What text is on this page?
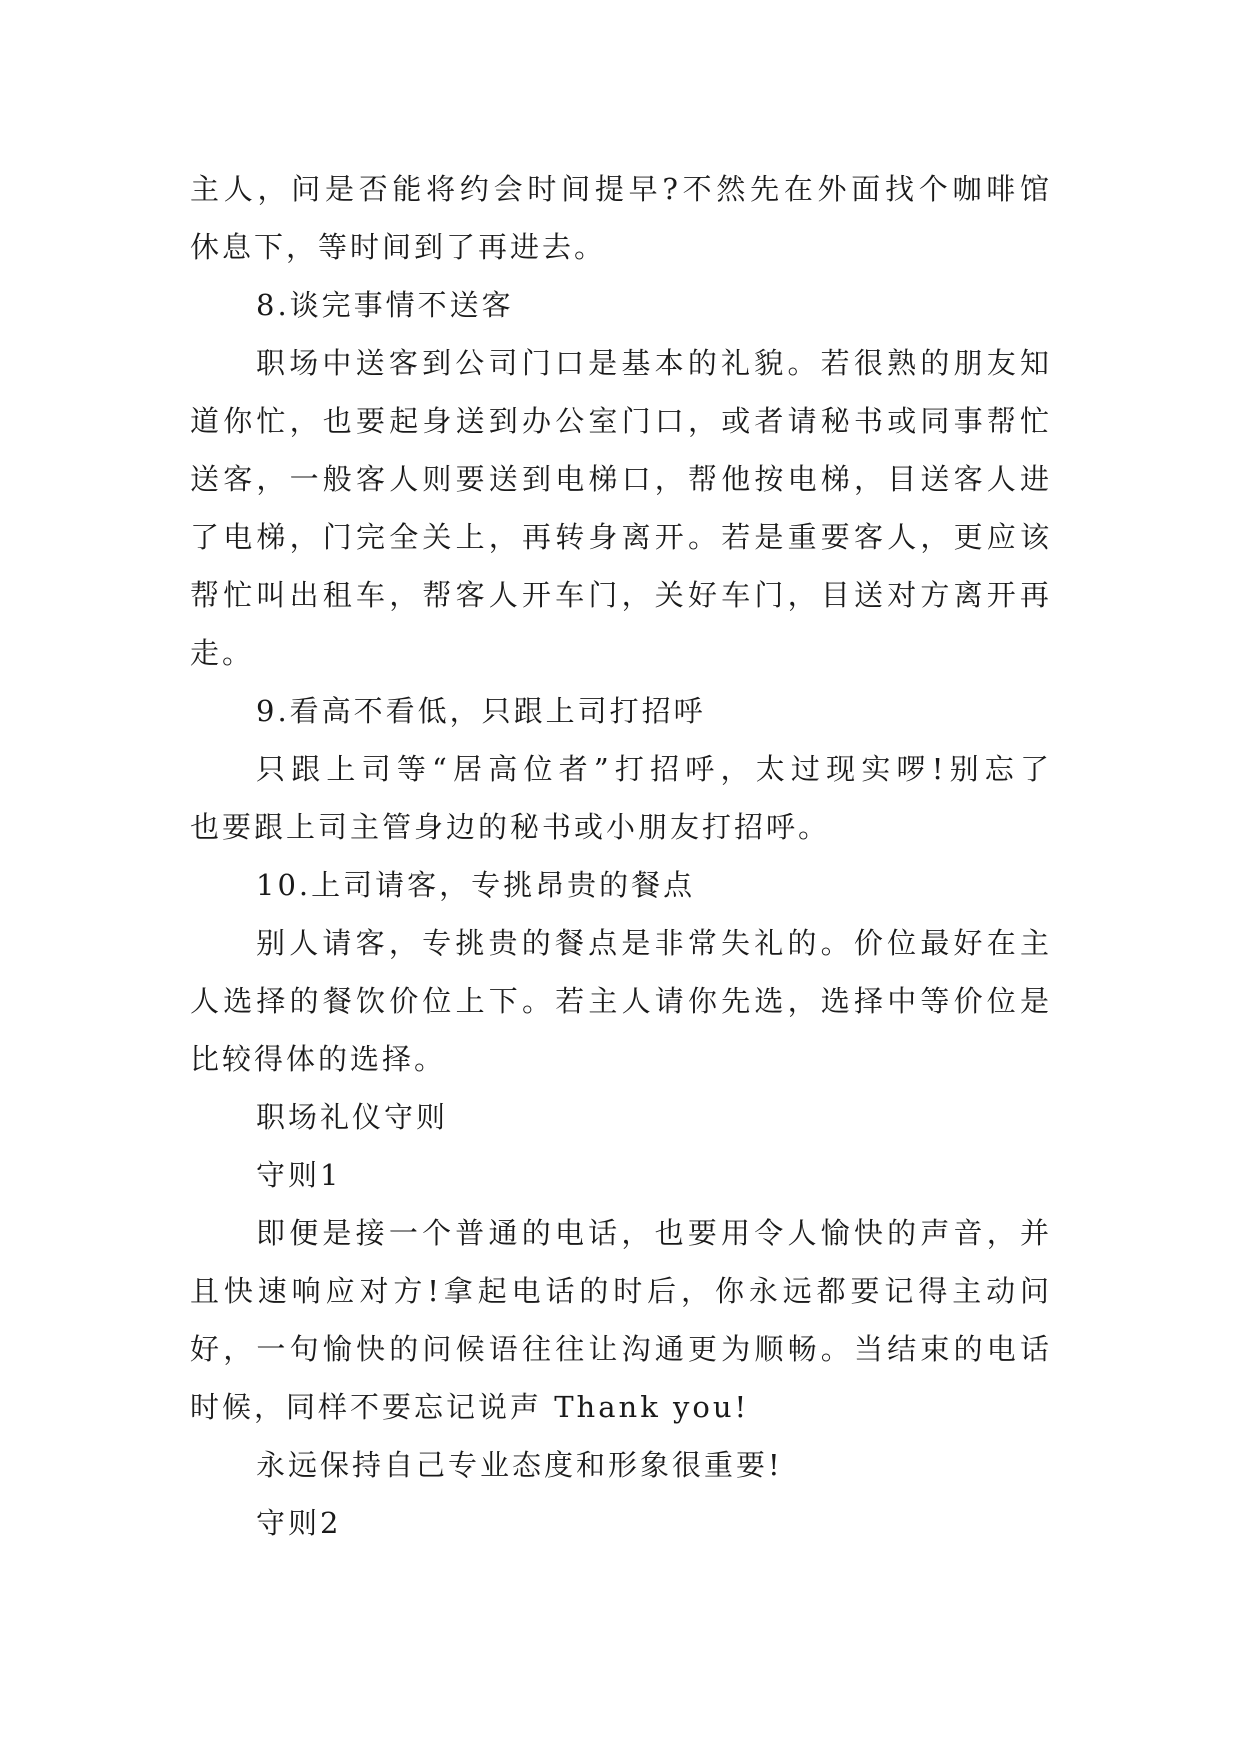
主人，问是否能将约会时间提早?不然先在外面找个咖啡馆
休息下，等时间到了再进去。
8.谈完事情不送客
职场中送客到公司门口是基本的礼貌。若很熟的朋友知
道你忙，也要起身送到办公室门口，或者请秘书或同事帮忙
送客，一般客人则要送到电梯口，帮他按电梯，目送客人进
了电梯，门完全关上，再转身离开。若是重要客人，更应该
帮忙叫出租车，帮客人开车门，关好车门，目送对方离开再
走。
9.看高不看低，只跟上司打招呼
只跟上司等“居高位者”打招呼，太过现实啰!别忘了
也要跟上司主管身边的秘书或小朋友打招呼。
10.上司请客，专挑昂贵的餐点
别人请客，专挑贵的餐点是非常失礼的。价位最好在主
人选择的餐饮价位上下。若主人请你先选，选择中等价位是
比较得体的选择。
职场礼仪守则
守则1
即便是接一个普通的电话，也要用令人愉快的声音，并
且快速响应对方!拿起电话的时后，你永远都要记得主动问
好，一句愉快的问候语往往让沟通更为顺畅。当结束的电话
时候，同样不要忘记说声 Thank you!
永远保持自己专业态度和形象很重要!
守则2
